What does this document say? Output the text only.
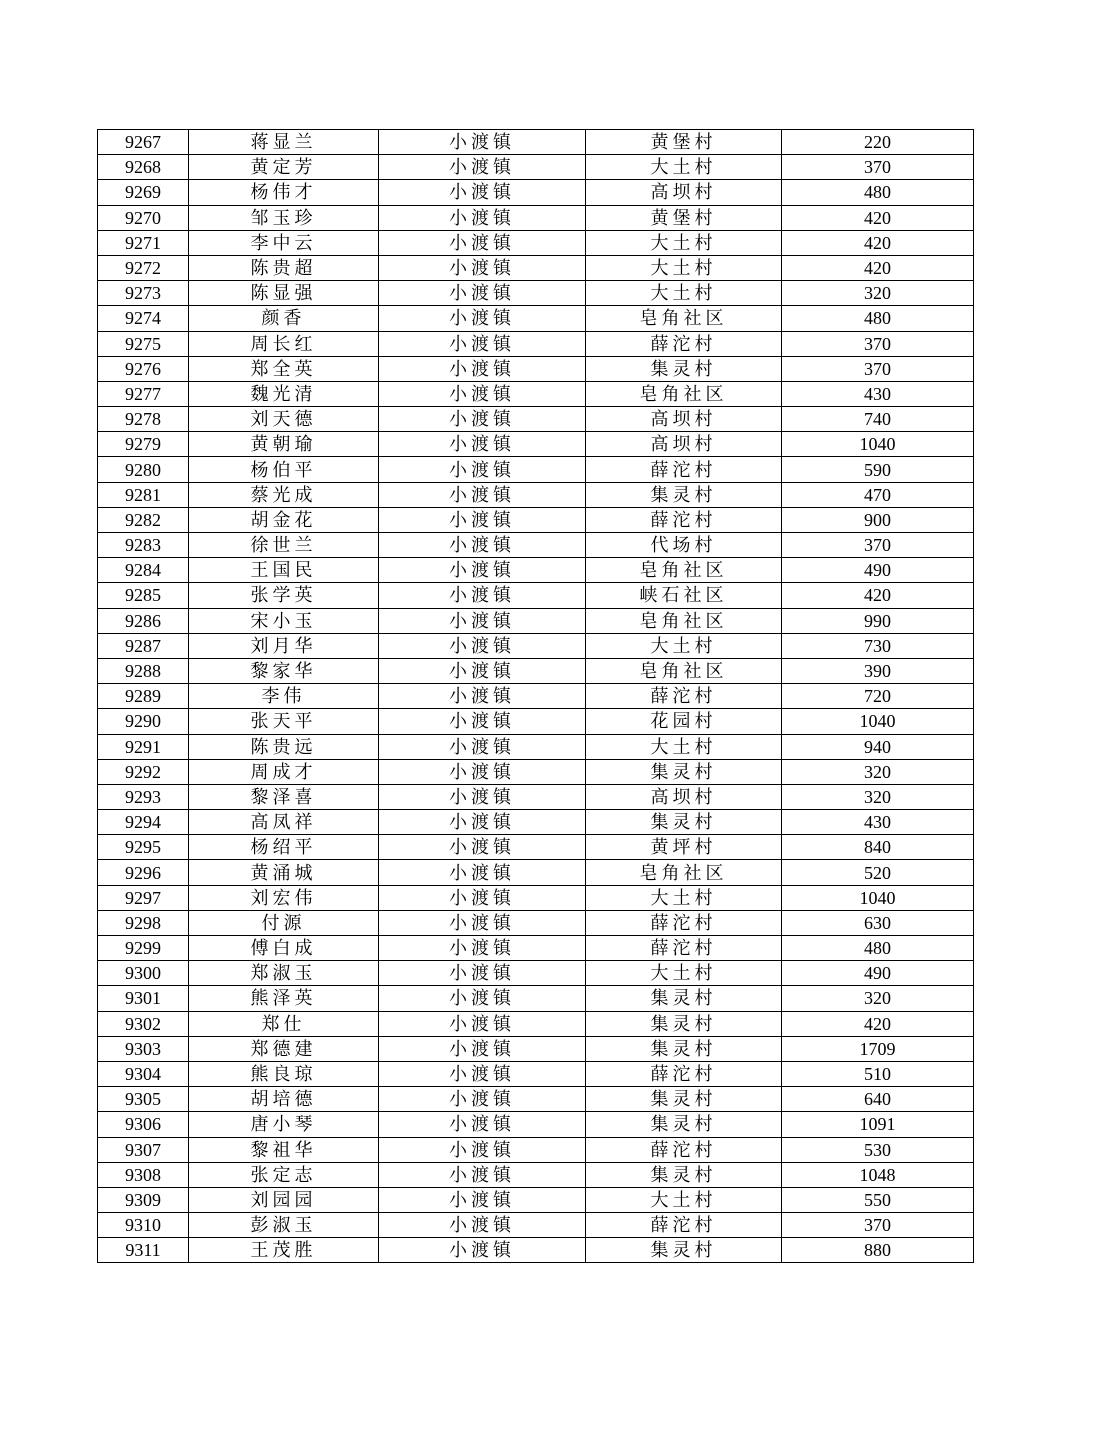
9267	蒋显兰	小渡镇	黄堡村	220
9268	黄定芳	小渡镇	大土村	370
9269	杨伟才	小渡镇	高坝村	480
9270	邹玉珍	小渡镇	黄堡村	420
9271	李中云	小渡镇	大土村	420
9272	陈贵超	小渡镇	大土村	420
9273	陈显强	小渡镇	大土村	320
9274	颜香	小渡镇	皂角社区	480
9275	周长红	小渡镇	薛沱村	370
9276	郑全英	小渡镇	集灵村	370
9277	魏光清	小渡镇	皂角社区	430
9278	刘天德	小渡镇	高坝村	740
9279	黄朝瑜	小渡镇	高坝村	1040
9280	杨伯平	小渡镇	薛沱村	590
9281	蔡光成	小渡镇	集灵村	470
9282	胡金花	小渡镇	薛沱村	900
9283	徐世兰	小渡镇	代场村	370
9284	王国民	小渡镇	皂角社区	490
9285	张学英	小渡镇	峡石社区	420
9286	宋小玉	小渡镇	皂角社区	990
9287	刘月华	小渡镇	大土村	730
9288	黎家华	小渡镇	皂角社区	390
9289	李伟	小渡镇	薛沱村	720
9290	张天平	小渡镇	花园村	1040
9291	陈贵远	小渡镇	大土村	940
9292	周成才	小渡镇	集灵村	320
9293	黎泽喜	小渡镇	高坝村	320
9294	高凤祥	小渡镇	集灵村	430
9295	杨绍平	小渡镇	黄坪村	840
9296	黄涌城	小渡镇	皂角社区	520
9297	刘宏伟	小渡镇	大土村	1040
9298	付源	小渡镇	薛沱村	630
9299	傅白成	小渡镇	薛沱村	480
9300	郑淑玉	小渡镇	大土村	490
9301	熊泽英	小渡镇	集灵村	320
9302	郑仕	小渡镇	集灵村	420
9303	郑德建	小渡镇	集灵村	1709
9304	熊良琼	小渡镇	薛沱村	510
9305	胡培德	小渡镇	集灵村	640
9306	唐小琴	小渡镇	集灵村	1091
9307	黎祖华	小渡镇	薛沱村	530
9308	张定志	小渡镇	集灵村	1048
9309	刘园园	小渡镇	大土村	550
9310	彭淑玉	小渡镇	薛沱村	370
9311	王茂胜	小渡镇	集灵村	880
